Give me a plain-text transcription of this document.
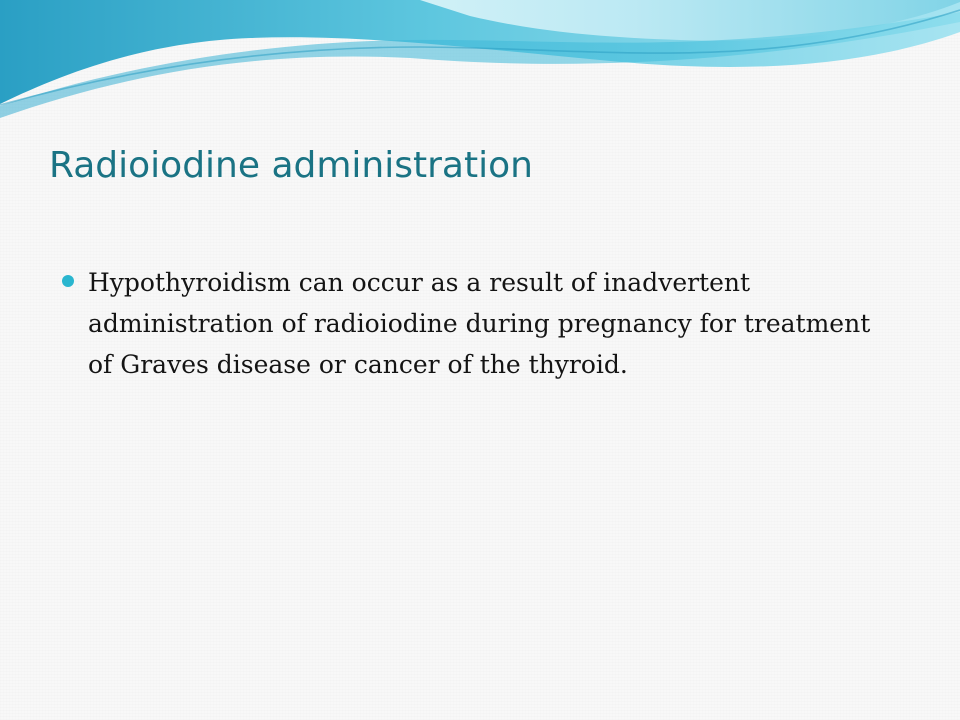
Radioiodine administration
Hypothyroidism can occur as a result of inadvertent administration of radioiodine during pregnancy for treatment of Graves disease or cancer of the thyroid.
